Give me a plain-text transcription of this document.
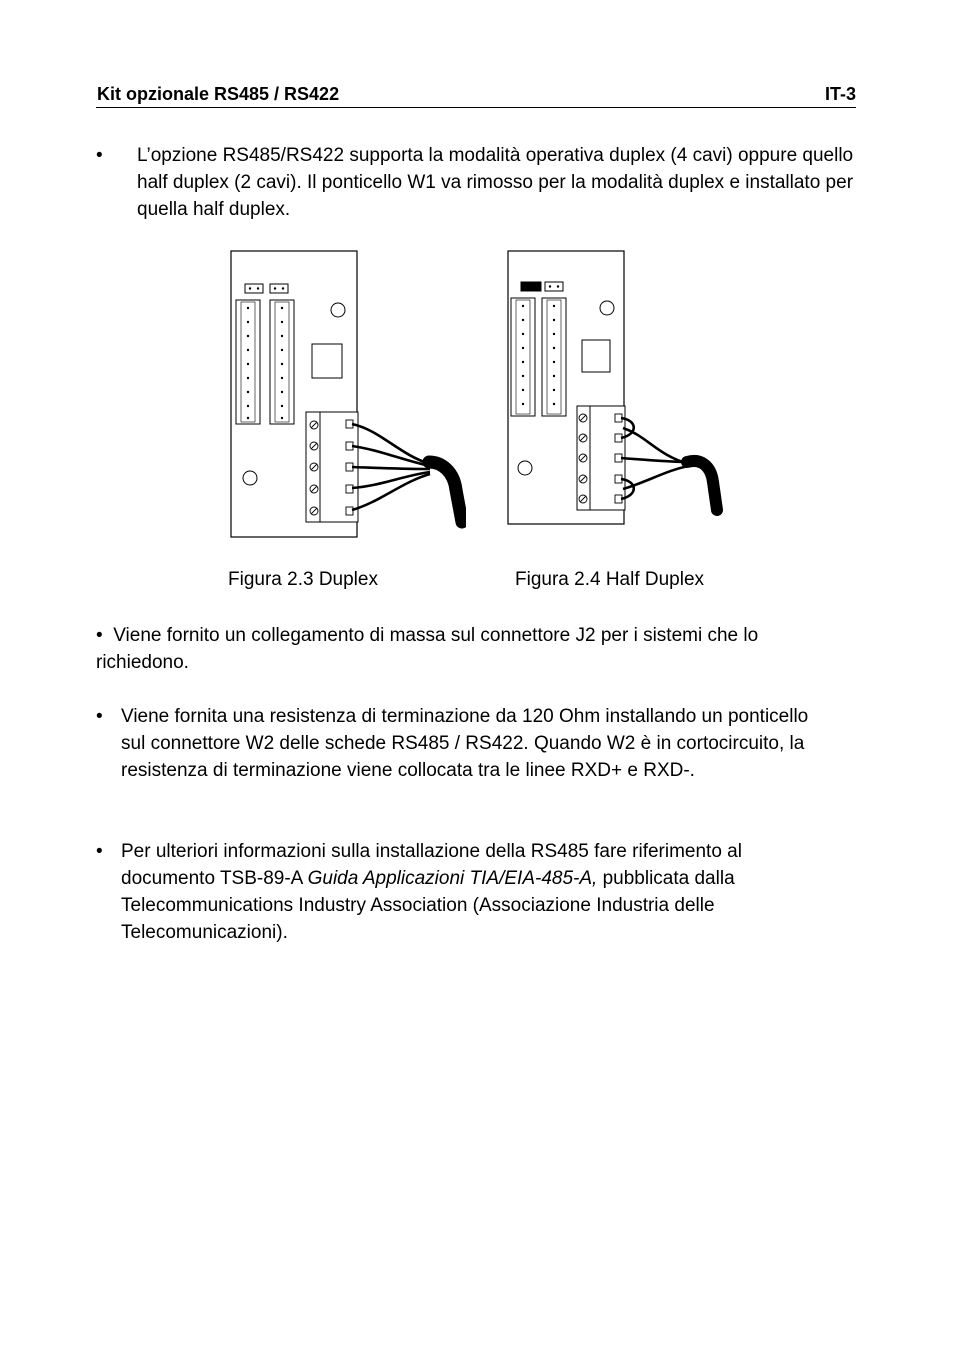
Kit opzionale RS485 / RS422	IT-3
• L’opzione RS485/RS422 supporta la modalità operativa duplex (4 cavi) oppure quello half duplex (2 cavi). Il ponticello W1 va rimosso per la modalità duplex e installato per quella half duplex.
Figura 2.3 Duplex	Figura 2.4 Half Duplex
• Viene fornito un collegamento di massa sul connettore J2 per i sistemi che lo richiedono.
• Viene fornita una resistenza di terminazione da 120 Ohm installando un ponticello sul connettore W2 delle schede RS485 / RS422. Quando W2 è in cortocircuito, la resistenza di terminazione viene collocata tra le linee RXD+ e RXD-.
• Per ulteriori informazioni sulla installazione della RS485 fare riferimento al documento TSB-89-A Guida Applicazioni TIA/EIA-485-A, pubblicata dalla Telecommunications Industry Association (Associazione Industria delle Telecomunicazioni).
